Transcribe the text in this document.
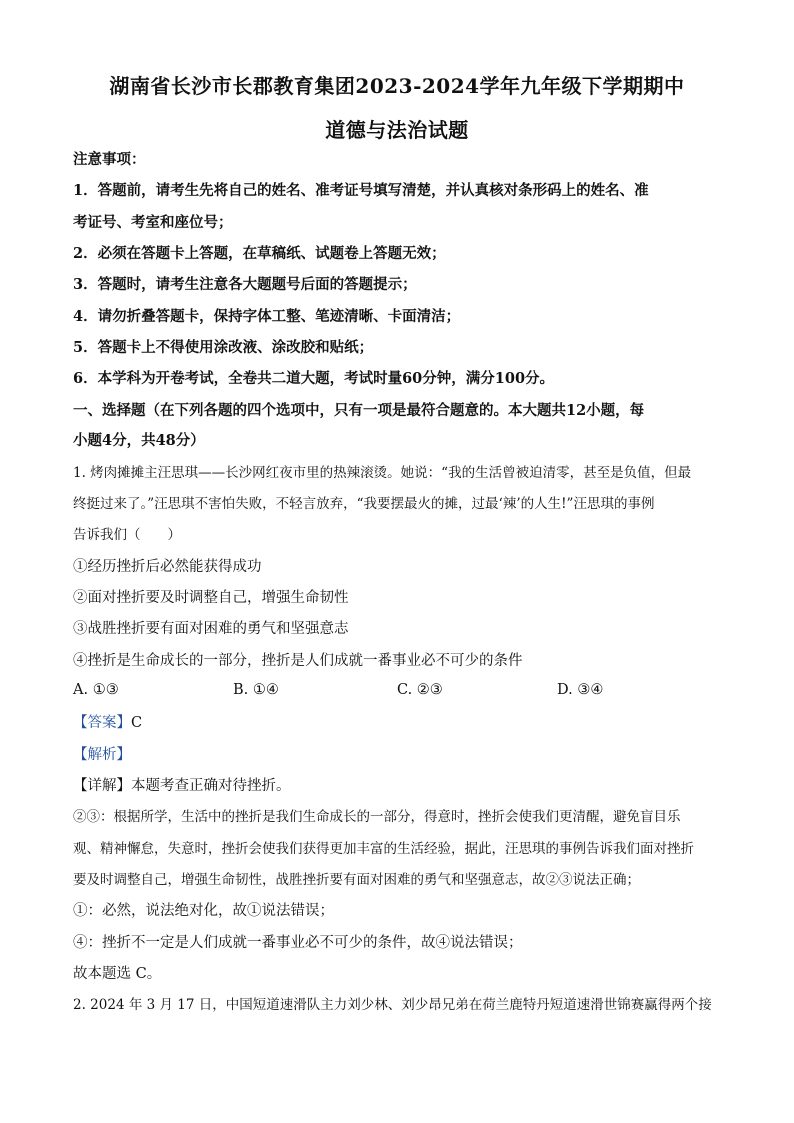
湖南省长沙市长郡教育集团2023-2024学年九年级下学期期中
道德与法治试题
注意事项：
1．答题前，请考生先将自己的姓名、准考证号填写清楚，并认真核对条形码上的姓名、准
考证号、考室和座位号；
2．必须在答题卡上答题，在草稿纸、试题卷上答题无效；
3．答题时，请考生注意各大题题号后面的答题提示；
4．请勿折叠答题卡，保持字体工整、笔迹清晰、卡面清洁；
5．答题卡上不得使用涂改液、涂改胶和贴纸；
6．本学科为开卷考试，全卷共二道大题，考试时量60分钟，满分100分。
一、选择题（在下列各题的四个选项中，只有一项是最符合题意的。本大题共12小题，每
小题4分，共48分）
1. 烤肉摊摊主汪思琪——长沙网红夜市里的热辣滚烫。她说：“我的生活曾被迫清零，甚至是负值，但最
终挺过来了。”汪思琪不害怕失败，不轻言放弃，“我要摆最火的摊，过最‘辣’的人生!”汪思琪的事例
告诉我们（　　）
①经历挫折后必然能获得成功
②面对挫折要及时调整自己，增强生命韧性
③战胜挫折要有面对困难的勇气和坚强意志
④挫折是生命成长的一部分，挫折是人们成就一番事业必不可少的条件
A. ①③	B. ①④	C. ②③	D. ③④
【答案】C
【解析】
【详解】本题考查正确对待挫折。
②③：根据所学，生活中的挫折是我们生命成长的一部分，得意时，挫折会使我们更清醒，避免盲目乐
观、精神懈怠，失意时，挫折会使我们获得更加丰富的生活经验，据此，汪思琪的事例告诉我们面对挫折
要及时调整自己，增强生命韧性，战胜挫折要有面对困难的勇气和坚强意志，故②③说法正确；
①：必然，说法绝对化，故①说法错误；
④：挫折不一定是人们成就一番事业必不可少的条件，故④说法错误；
故本题选 C。
2. 2024 年 3 月 17 日，中国短道速滑队主力刘少林、刘少昂兄弟在荷兰鹿特丹短道速滑世锦赛赢得两个接
